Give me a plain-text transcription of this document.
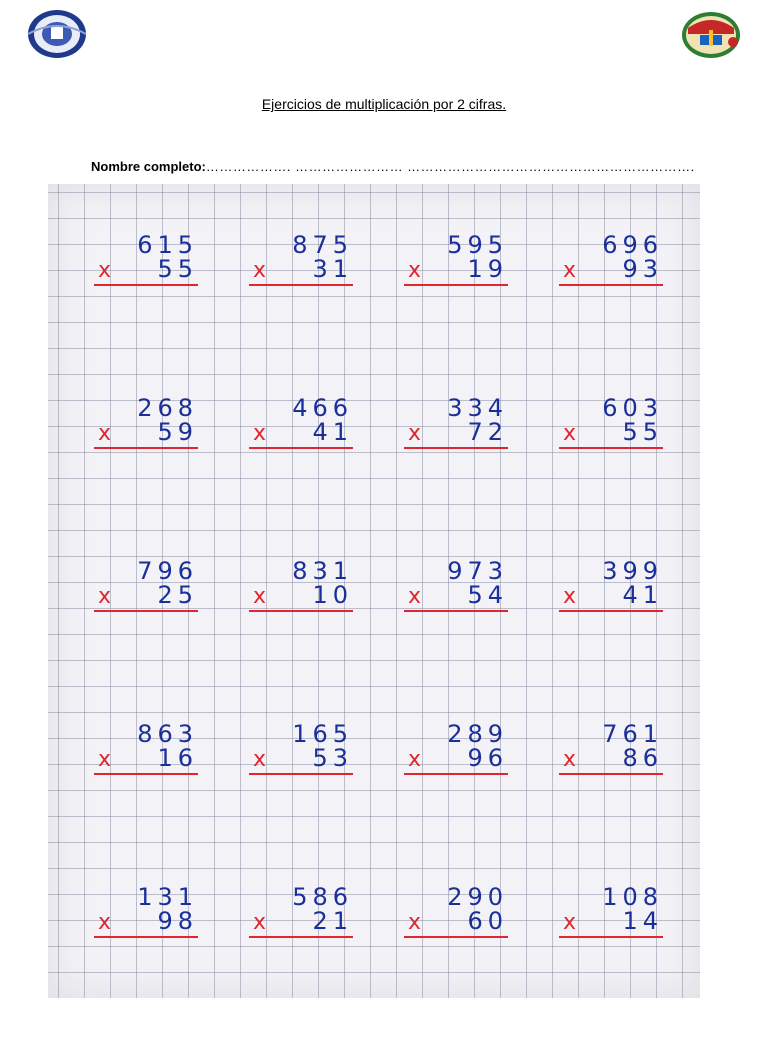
Ejercicios de multiplicación por 2 cifras.
Nombre completo:………………. …………………… ……………………………………………………….
615
x 55
875
x 31
595
x 19
696
x 93
268
x 59
466
x 41
334
x 72
603
x 55
796
x 25
831
x 10
973
x 54
399
x 41
863
x 16
165
x 53
289
x 96
761
x 86
131
x 98
586
x 21
290
x 60
108
x 14
